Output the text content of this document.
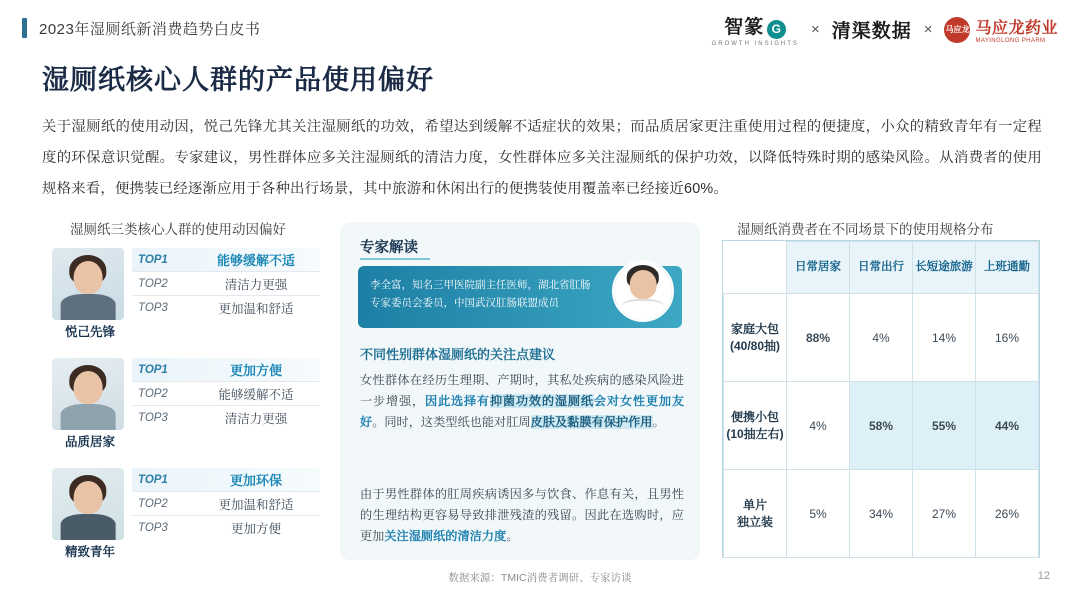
2023年湿厕纸新消费趋势白皮书	智篆 G
GROWTH INSIGHTS
× 清渠数据 × 马应龙 马应龙药业
MAYINGLONG PHARM
湿厕纸核心人群的产品使用偏好
关于湿厕纸的使用动因，悦己先锋尤其关注湿厕纸的功效，希望达到缓解不适症状的效果；而品质居家更注重使用过程的便捷度，小众的精致青年有一定程度的环保意识觉醒。专家建议，男性群体应多关注湿厕纸的清洁力度，女性群体应多关注湿厕纸的保护功效，以降低特殊时期的感染风险。从消费者的使用规格来看，便携装已经逐渐应用于各种出行场景，其中旅游和休闲出行的便携装使用覆盖率已经接近60%。
湿厕纸三类核心人群的使用动因偏好	湿厕纸消费者在不同场景下的使用规格分布
悦己先锋
TOP1	能够缓解不适
TOP2	清洁力更强
TOP3	更加温和舒适
品质居家
TOP1	更加方便
TOP2	能够缓解不适
TOP3	清洁力更强
精致青年
TOP1	更加环保
TOP2	更加温和舒适
TOP3	更加方便
专家解读
李全富，知名三甲医院副主任医师，湖北省肛肠专家委员会委员，中国武汉肛肠联盟成员
不同性别群体湿厕纸的关注点建议
女性群体在经历生理期、产期时，其私处疾病的感染风险进一步增强，因此选择有抑菌功效的湿厕纸会对女性更加友好。同时，这类型纸也能对肛周皮肤及黏膜有保护作用。
由于男性群体的肛周疾病诱因多与饮食、作息有关，且男性的生理结构更容易导致排泄残渣的残留。因此在选购时，应更加关注湿厕纸的清洁力度。
	日常居家	日常出行	长短途旅游	上班通勤

家庭大包
(40/80抽)	88%	4%	14%	16%

便携小包
(10抽左右)	4%	58%	55%	44%

单片
独立装	5%	34%	27%	26%
数据来源：TMIC消费者调研、专家访谈	12
